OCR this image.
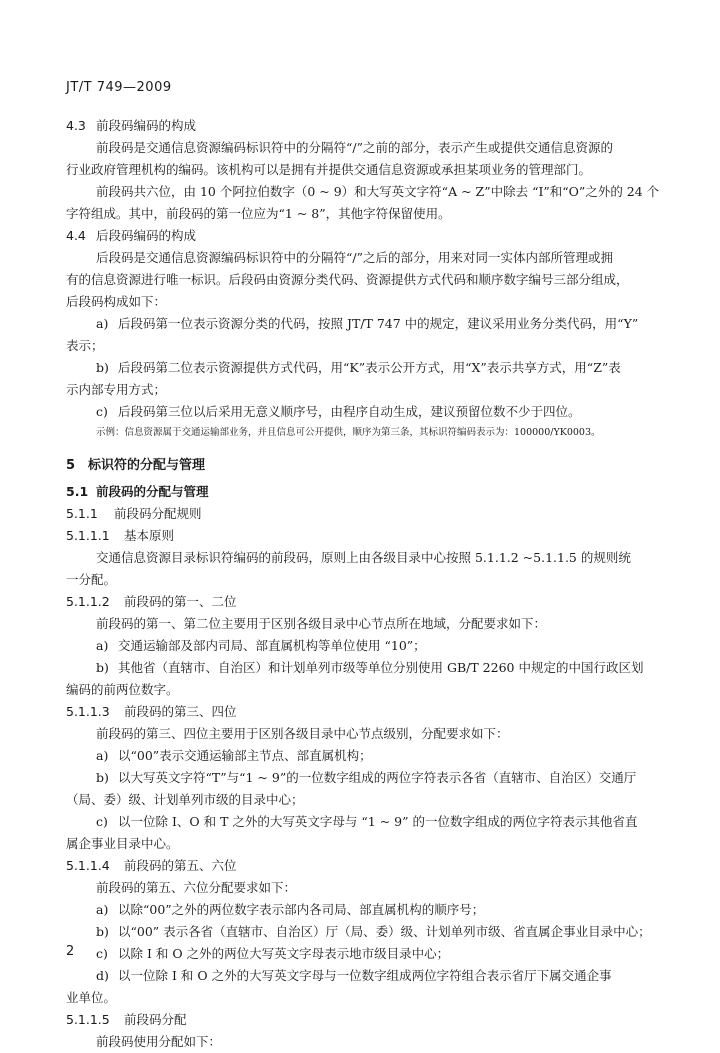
JT/T 749—2009
4.3 前段码编码的构成
前段码是交通信息资源编码标识符中的分隔符“/”之前的部分，表示产生或提供交通信息资源的
行业政府管理机构的编码。该机构可以是拥有并提供交通信息资源或承担某项业务的管理部门。
前段码共六位，由 10 个阿拉伯数字（0 ~ 9）和大写英文字符“A ~ Z”中除去 “I”和“O”之外的 24 个
字符组成。其中，前段码的第一位应为“1 ~ 8”，其他字符保留使用。
4.4 后段码编码的构成
后段码是交通信息资源编码标识符中的分隔符“/”之后的部分，用来对同一实体内部所管理或拥
有的信息资源进行唯一标识。后段码由资源分类代码、资源提供方式代码和顺序数字编号三部分组成，
后段码构成如下：
a) 后段码第一位表示资源分类的代码，按照 JT/T 747 中的规定，建议采用业务分类代码，用“Y”
表示；
b) 后段码第二位表示资源提供方式代码，用“K”表示公开方式，用“X”表示共享方式，用“Z”表
示内部专用方式；
c) 后段码第三位以后采用无意义顺序号，由程序自动生成，建议预留位数不少于四位。
示例：信息资源属于交通运输部业务，并且信息可公开提供，顺序为第三条，其标识符编码表示为：100000/YK0003。
5 标识符的分配与管理
5.1 前段码的分配与管理
5.1.1 前段码分配规则
5.1.1.1 基本原则
交通信息资源目录标识符编码的前段码，原则上由各级目录中心按照 5.1.1.2 ~5.1.1.5 的规则统
一分配。
5.1.1.2 前段码的第一、二位
前段码的第一、第二位主要用于区别各级目录中心节点所在地域，分配要求如下：
a) 交通运输部及部内司局、部直属机构等单位使用 “10”；
b) 其他省（直辖市、自治区）和计划单列市级等单位分别使用 GB/T 2260 中规定的中国行政区划
编码的前两位数字。
5.1.1.3 前段码的第三、四位
前段码的第三、四位主要用于区别各级目录中心节点级别，分配要求如下：
a) 以“00”表示交通运输部主节点、部直属机构；
b) 以大写英文字符“T”与“1 ~ 9”的一位数字组成的两位字符表示各省（直辖市、自治区）交通厅
（局、委）级、计划单列市级的目录中心；
c) 以一位除 I、O 和 T 之外的大写英文字母与 “1 ~ 9” 的一位数字组成的两位字符表示其他省直
属企事业目录中心。
5.1.1.4 前段码的第五、六位
前段码的第五、六位分配要求如下：
a) 以除“00”之外的两位数字表示部内各司局、部直属机构的顺序号；
b) 以“00” 表示各省（直辖市、自治区）厅（局、委）级、计划单列市级、省直属企事业目录中心；
c) 以除 I 和 O 之外的两位大写英文字母表示地市级目录中心；
d) 以一位除 I 和 O 之外的大写英文字母与一位数字组成两位字符组合表示省厅下属交通企事
业单位。
5.1.1.5 前段码分配
前段码使用分配如下：
2
